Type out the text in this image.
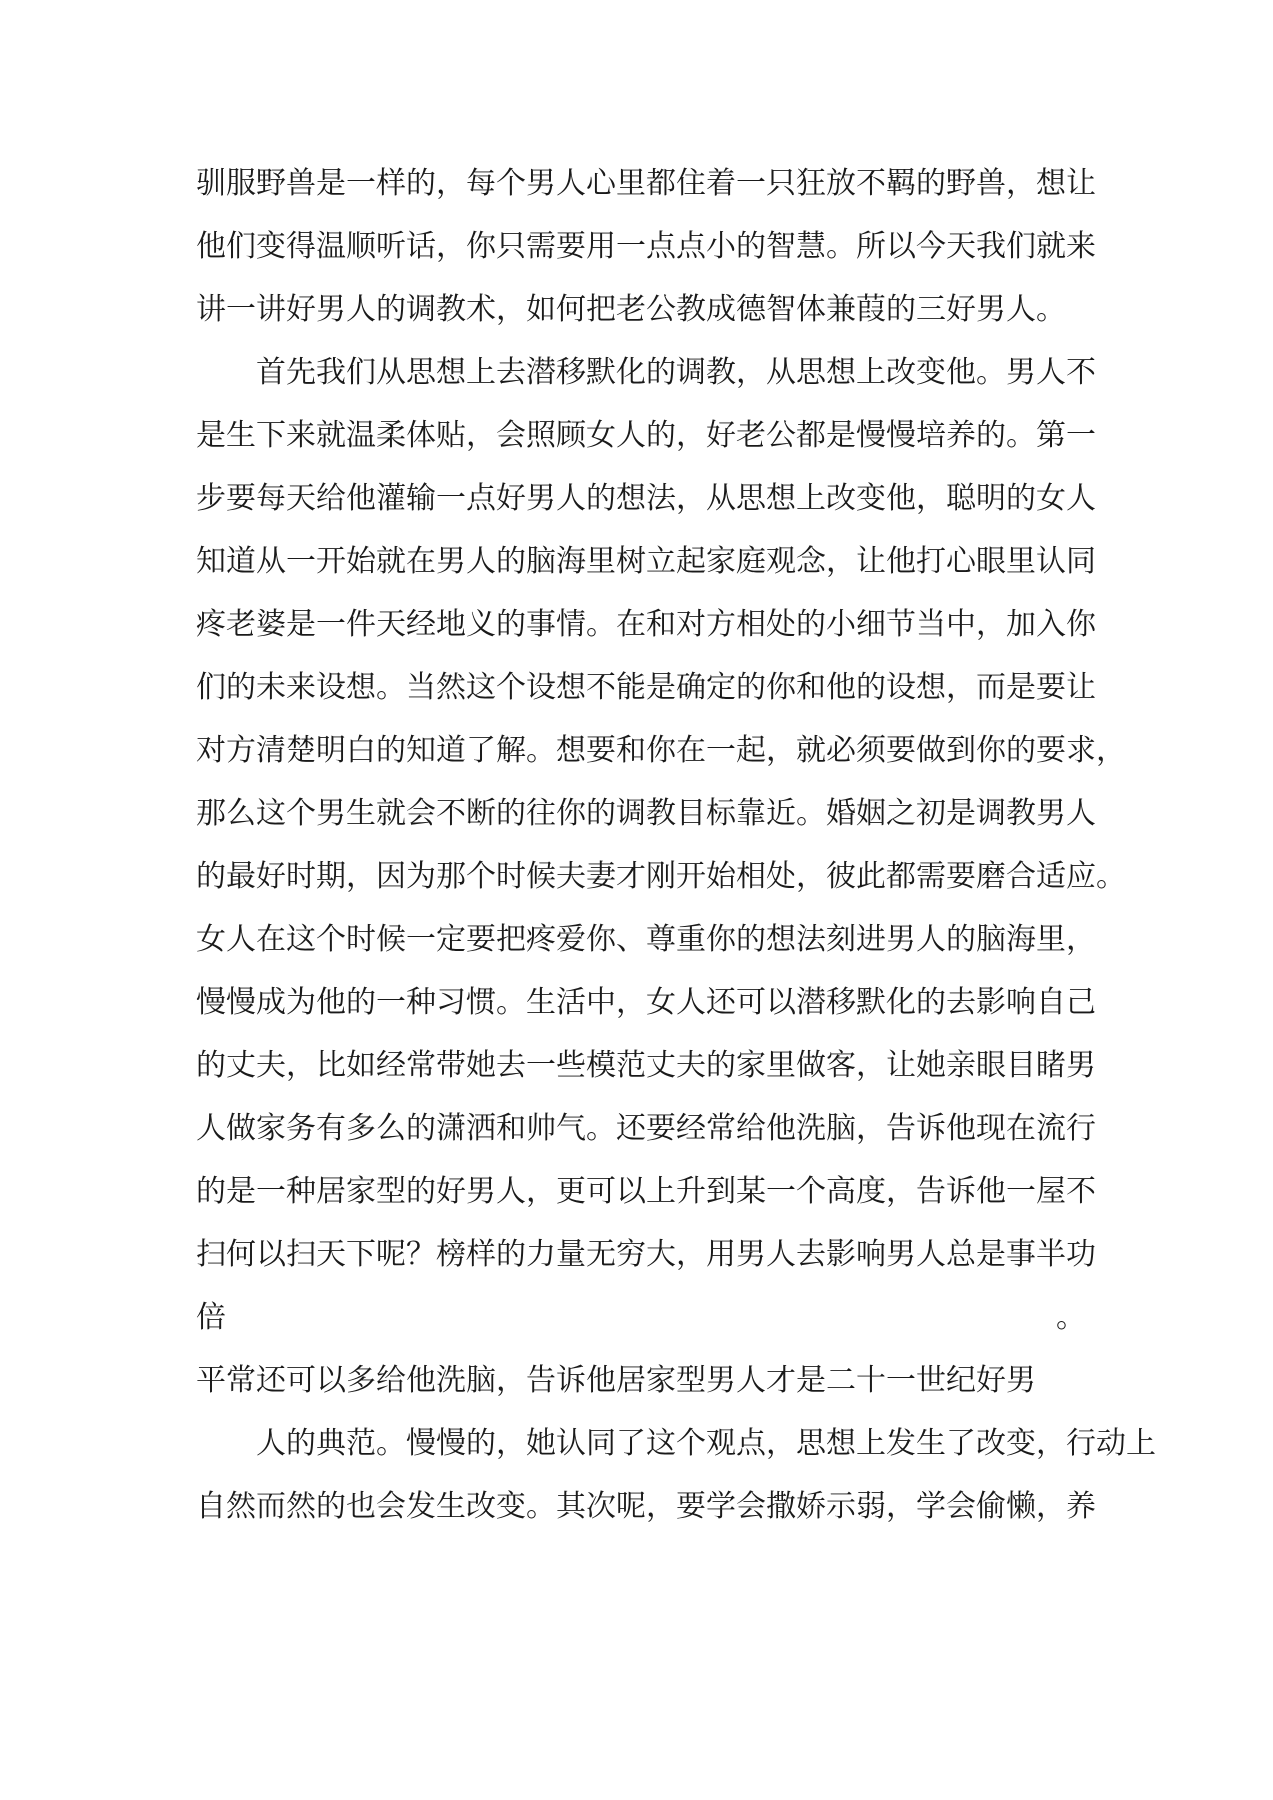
驯服野兽是一样的，每个男人心里都住着一只狂放不羁的野兽，想让
他们变得温顺听话，你只需要用一点点小的智慧。所以今天我们就来
讲一讲好男人的调教术，如何把老公教成德智体兼葭的三好男人。
首先我们从思想上去潜移默化的调教，从思想上改变他。男人不
是生下来就温柔体贴，会照顾女人的，好老公都是慢慢培养的。第一
步要每天给他灌输一点好男人的想法，从思想上改变他，聪明的女人
知道从一开始就在男人的脑海里树立起家庭观念，让他打心眼里认同
疼老婆是一件天经地义的事情。在和对方相处的小细节当中，加入你
们的未来设想。当然这个设想不能是确定的你和他的设想，而是要让
对方清楚明白的知道了解。想要和你在一起，就必须要做到你的要求，
那么这个男生就会不断的往你的调教目标靠近。婚姻之初是调教男人
的最好时期，因为那个时候夫妻才刚开始相处，彼此都需要磨合适应。
女人在这个时候一定要把疼爱你、尊重你的想法刻进男人的脑海里，
慢慢成为他的一种习惯。生活中，女人还可以潜移默化的去影响自己
的丈夫，比如经常带她去一些模范丈夫的家里做客，让她亲眼目睹男
人做家务有多么的潇洒和帅气。还要经常给他洗脑，告诉他现在流行
的是一种居家型的好男人，更可以上升到某一个高度，告诉他一屋不
扫何以扫天下呢？榜样的力量无穷大，用男人去影响男人总是事半功
倍。
平常还可以多给他洗脑，告诉他居家型男人才是二十一世纪好男
人的典范。慢慢的，她认同了这个观点，思想上发生了改变，行动上
自然而然的也会发生改变。其次呢，要学会撒娇示弱，学会偷懒，养
